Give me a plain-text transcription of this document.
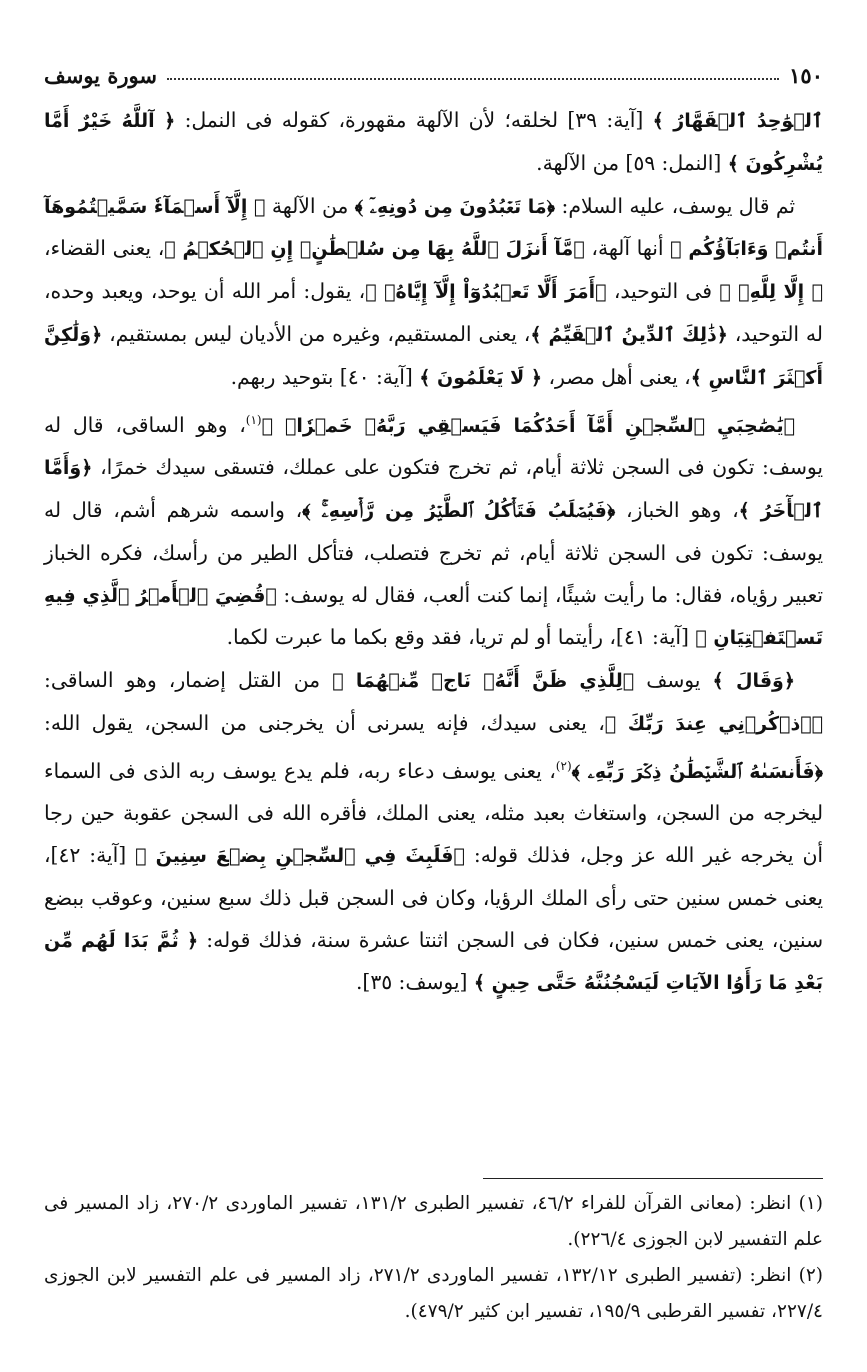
١٥٠
سورة يوسف

ٱلۡوَٰحِدُ ٱلۡقَهَّارُ ﴾ [آية: ٣٩] لخلقه؛ لأن الآلهة مقهورة، كقوله فى النمل: ﴿ آللَّهُ خَيْرٌ أَمَّا يُشْرِكُونَ ﴾ [النمل: ٥٩] من الآلهة.

ثم قال يوسف، عليه السلام: ﴿مَا تَعۡبُدُونَ مِن دُونِهِۦٓ ﴾ من الآلهة ﴿ إِلَّآ أَسۡمَآءٗ سَمَّيۡتُمُوهَآ أَنتُمۡ وَءَابَآؤُكُم ﴾ أنها آلهة، ﴿مَّآ أَنزَلَ ٱللَّهُ بِهَا مِن سُلۡطَٰنٍۚ إِنِ ٱلۡحُكۡمُ ﴾، يعنى القضاء، ﴿ إِلَّا لِلَّهِۚ ﴾ فى التوحيد، ﴿أَمَرَ أَلَّا تَعۡبُدُوٓاْ إِلَّآ إِيَّاهُۚ ﴾، يقول: أمر الله أن يوحد، ويعبد وحده، له التوحيد، ﴿ذَٰلِكَ ٱلدِّينُ ٱلۡقَيِّمُ ﴾، يعنى المستقيم، وغيره من الأديان ليس بمستقيم، ﴿وَلَٰكِنَّ أَكۡثَرَ ٱلنَّاسِ ﴾، يعنى أهل مصر، ﴿ لَا يَعْلَمُونَ ﴾ [آية: ٤٠] بتوحيد ربهم.

﴿يَٰصَٰحِبَيِ ٱلسِّجۡنِ أَمَّآ أَحَدُكُمَا فَيَسۡقِي رَبَّهُۥ خَمۡرٗاۖ ﴾$^{(١)}$، وهو الساقى، قال له يوسف: تكون فى السجن ثلاثة أيام، ثم تخرج فتكون على عملك، فتسقى سيدك خمرًا، ﴿وَأَمَّا ٱلۡأٓخَرُ ﴾، وهو الخباز، ﴿فَيُصۡلَبُ فَتَأۡكُلُ ٱلطَّيۡرُ مِن رَّأۡسِهِۦۚ ﴾، واسمه شرهم أشم، قال له يوسف: تكون فى السجن ثلاثة أيام، ثم تخرج فتصلب، فتأكل الطير من رأسك، فكره الخباز تعبير رؤياه، فقال: ما رأيت شيئًا، إنما كنت ألعب، فقال له يوسف: ﴿قُضِيَ ٱلۡأَمۡرُ ٱلَّذِي فِيهِ تَسۡتَفۡتِيَانِ ﴾ [آية: ٤١]، رأيتما أو لم تريا، فقد وقع بكما ما عبرت لكما.

﴿وَقَالَ ﴾ يوسف ﴿لِلَّذِي ظَنَّ أَنَّهُۥ نَاجٖ مِّنۡهُمَا ﴾ من القتل إضمار، وهو الساقى: ﴿ٱذۡكُرۡنِي عِندَ رَبِّكَ ﴾، يعنى سيدك، فإنه يسرنى أن يخرجنى من السجن، يقول الله: ﴿فَأَنسَىٰهُ ٱلشَّيۡطَٰنُ ذِكۡرَ رَبِّهِۦ ﴾$^{(٢)}$، يعنى يوسف دعاء ربه، فلم يدع يوسف ربه الذى فى السماء ليخرجه من السجن، واستغاث بعبد مثله، يعنى الملك، فأقره الله فى السجن عقوبة حين رجا أن يخرجه غير الله عز وجل، فذلك قوله: ﴿فَلَبِثَ فِي ٱلسِّجۡنِ بِضۡعَ سِنِينَ ﴾ [آية: ٤٢]، يعنى خمس سنين حتى رأى الملك الرؤيا، وكان فى السجن قبل ذلك سبع سنين، وعوقب ببضع سنين، يعنى خمس سنين، فكان فى السجن اثنتا عشرة سنة، فذلك قوله: ﴿ ثُمَّ بَدَا لَهُم مِّن بَعْدِ مَا رَأَوُا الآيَاتِ لَيَسْجُنُنَّهُ حَتَّى حِينٍ ﴾ [يوسف: ٣٥].

(١) انظر: (معانى القرآن للفراء ٤٦/٢، تفسير الطبرى ١٣١/٢، تفسير الماوردى ٢٧٠/٢، زاد المسير فى علم التفسير لابن الجوزى ٢٢٦/٤).

(٢) انظر: (تفسير الطبرى ١٣٢/١٢، تفسير الماوردى ٢٧١/٢، زاد المسير فى علم التفسير لابن الجوزى ٢٢٧/٤، تفسير القرطبى ١٩٥/٩، تفسير ابن كثير ٤٧٩/٢).
